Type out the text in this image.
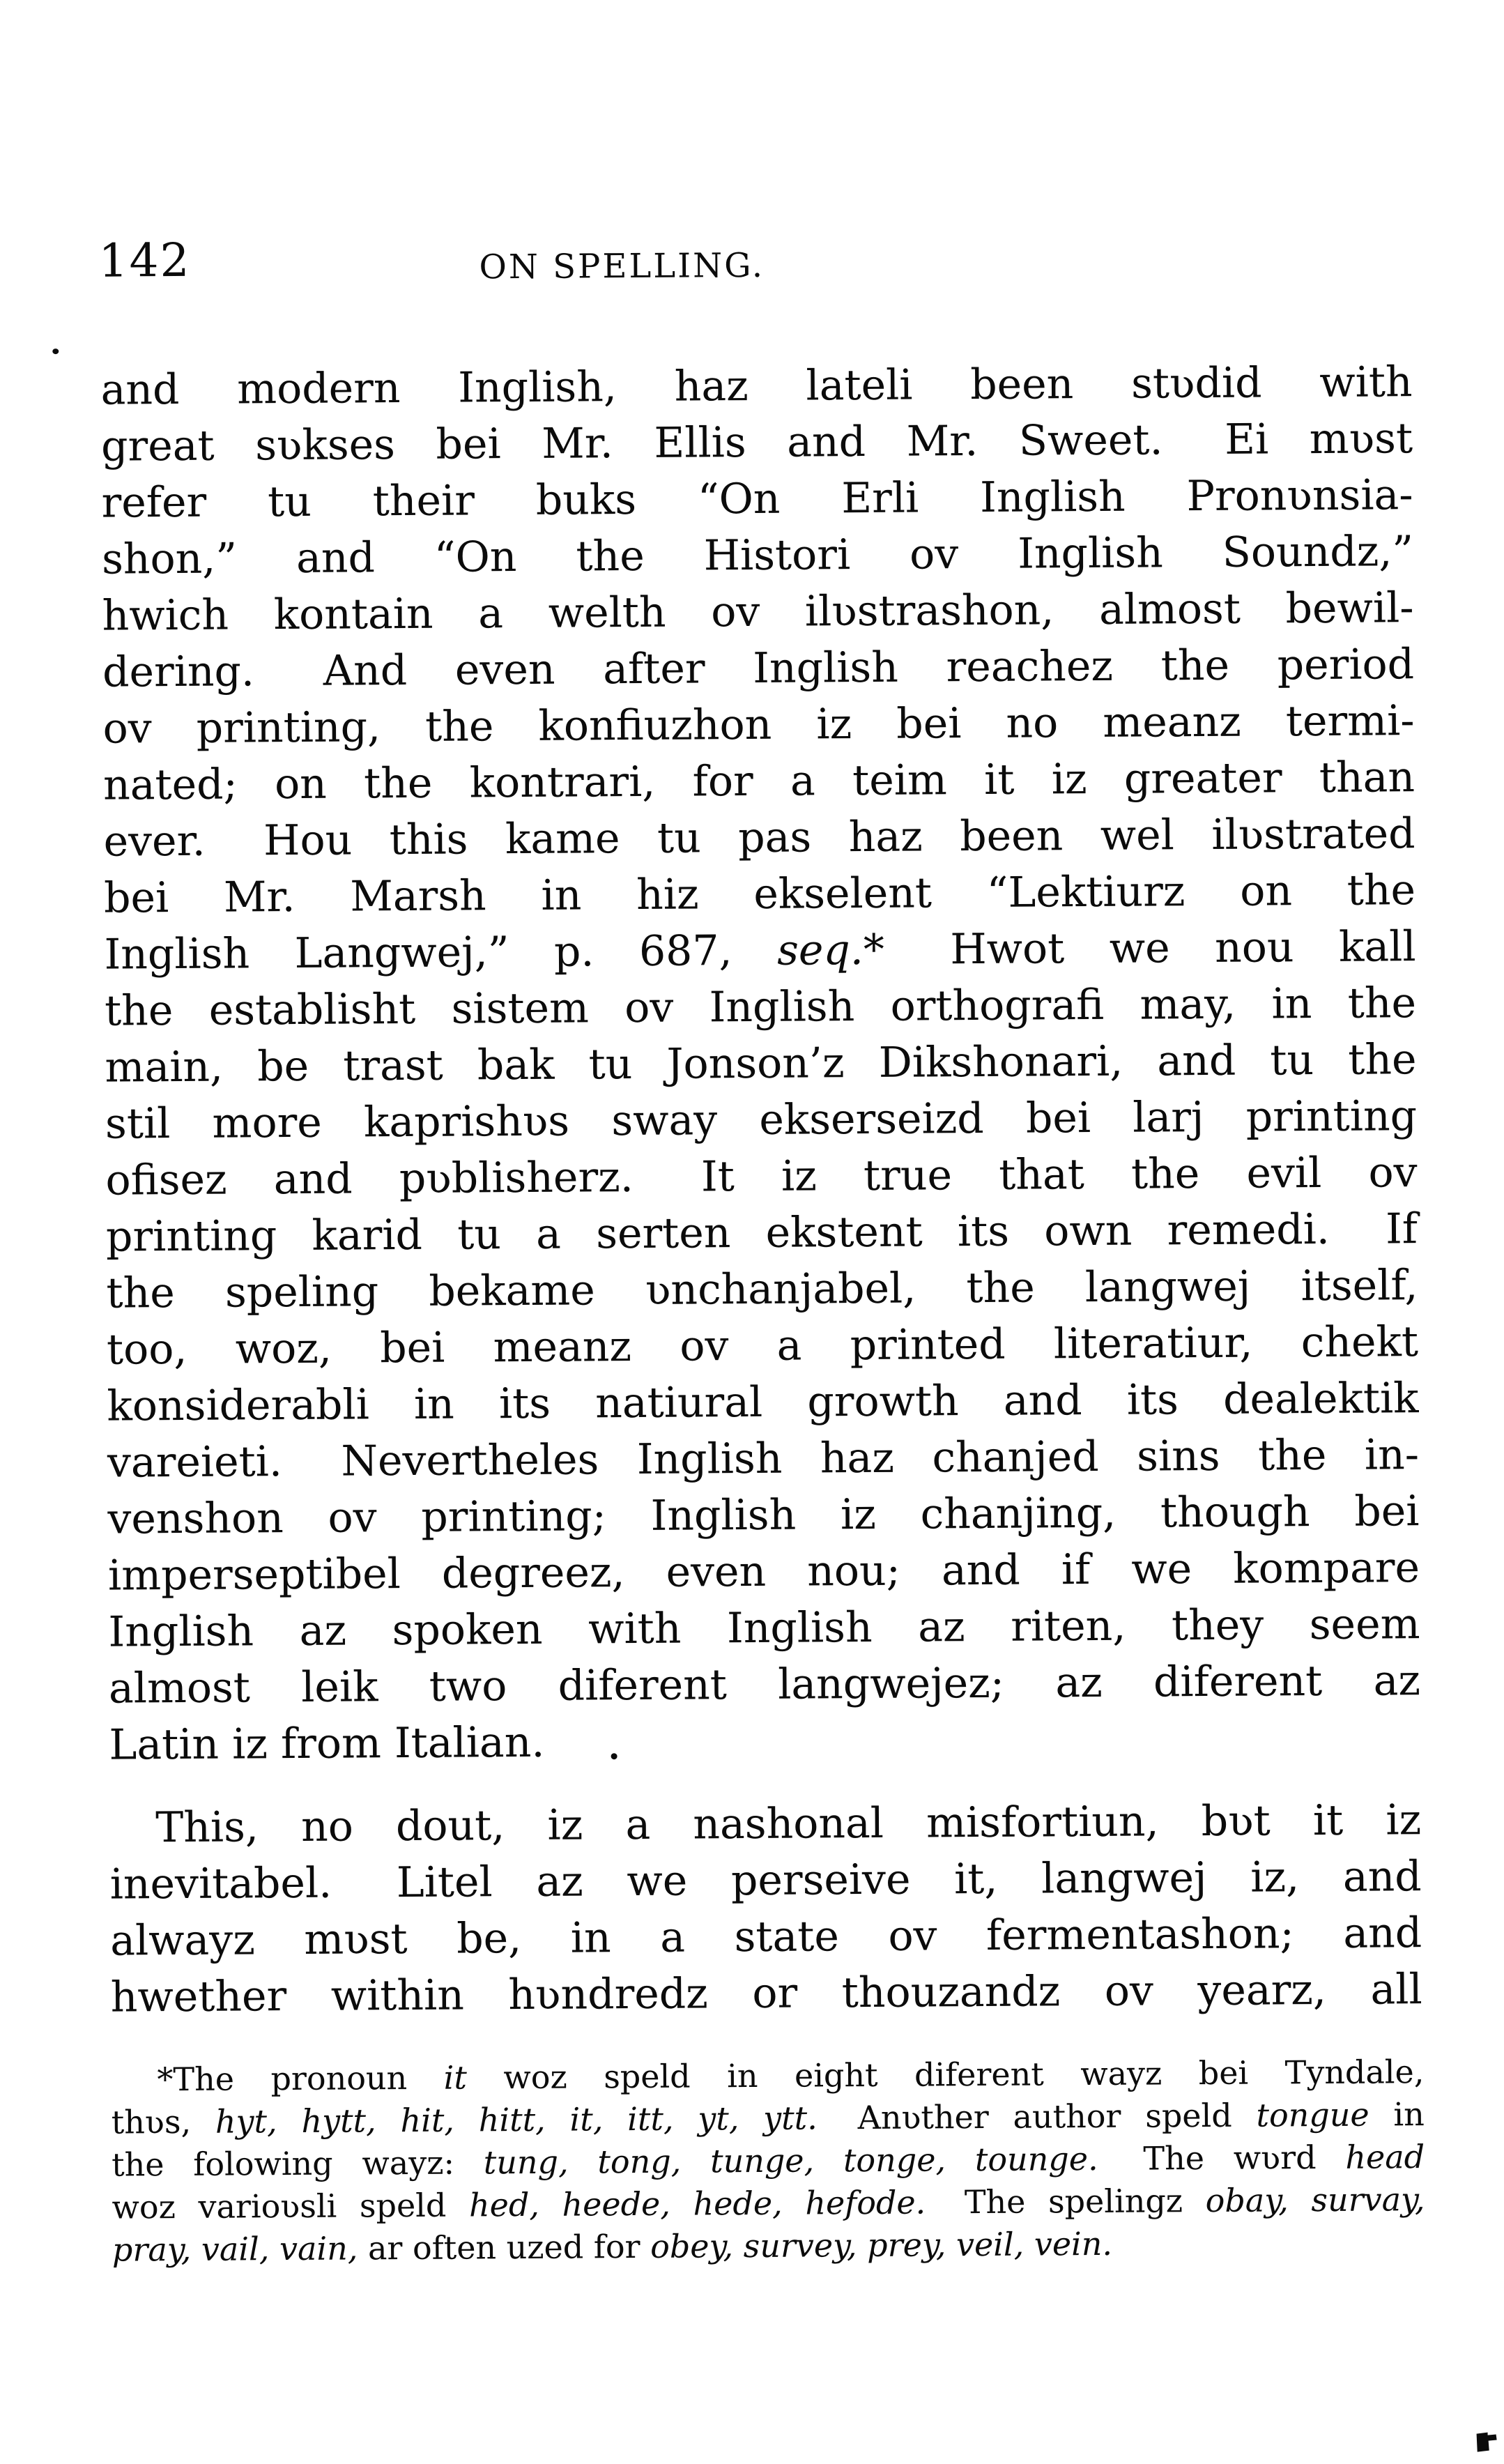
142	ON SPELLING.
and modern Inglish, haz lateli been stʋdid with
great sʋkses bei Mr. Ellis and Mr. Sweet.  Ei mʋst
refer tu their buks “On Erli Inglish Pronʋnsia-
shon,” and “On the Histori ov Inglish Soundz,”
hwich kontain a welth ov ilʋstrashon, almost bewil-
dering.  And even after Inglish reachez the period
ov printing, the konfiuzhon iz bei no meanz termi-
nated; on the kontrari, for a teim it iz greater than
ever.  Hou this kame tu pas haz been wel ilʋstrated
bei Mr. Marsh in hiz ekselent “Lektiurz on the
Inglish Langwej,” p. 687, seq.*  Hwot we nou kall
the establisht sistem ov Inglish orthografi may, in the
main, be trast bak tu Jonson’z Dikshonari, and tu the
stil more kaprishʋs sway ekserseizd bei larj printing
ofisez and pʋblisherz.  It iz true that the evil ov
printing karid tu a serten ekstent its own remedi.  If
the speling bekame ʋnchanjabel, the langwej itself,
too, woz, bei meanz ov a printed literatiur, chekt
konsiderabli in its natiural growth and its dealektik
vareieti.  Nevertheles Inglish haz chanjed sins the in-
venshon ov printing; Inglish iz chanjing, though bei
imperseptibel degreez, even nou; and if we kompare
Inglish az spoken with Inglish az riten, they seem
almost leik two diferent langwejez; az diferent az
Latin iz from Italian.
This, no dout, iz a nashonal misfortiun, bʋt it iz
inevitabel.  Litel az we perseive it, langwej iz, and
alwayz mʋst be, in a state ov fermentashon; and
hwether within hʋndredz or thouzandz ov yearz, all
*The pronoun it woz speld in eight diferent wayz bei Tyndale,
thʋs, hyt, hytt, hit, hitt, it, itt, yt, ytt.  Anʋther author speld tongue in
the folowing wayz: tung, tong, tunge, tonge, tounge.  The wʋrd head
woz varioʋsli speld hed, heede, hede, hefode.  The spelingz obay, survay,
pray, vail, vain, ar often uzed for obey, survey, prey, veil, vein.
